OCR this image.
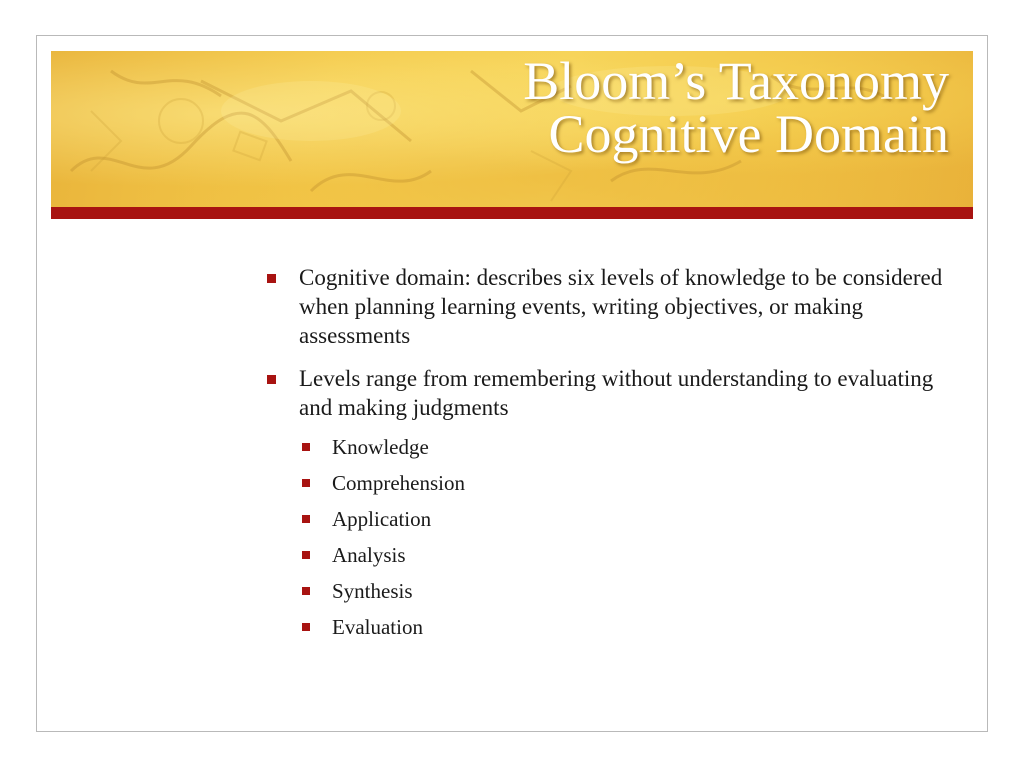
Bloom’s Taxonomy
Cognitive Domain
Cognitive domain: describes six levels of knowledge to be considered when planning learning events, writing objectives, or making assessments
Levels range from remembering without understanding to evaluating and making judgments
Knowledge
Comprehension
Application
Analysis
Synthesis
Evaluation
